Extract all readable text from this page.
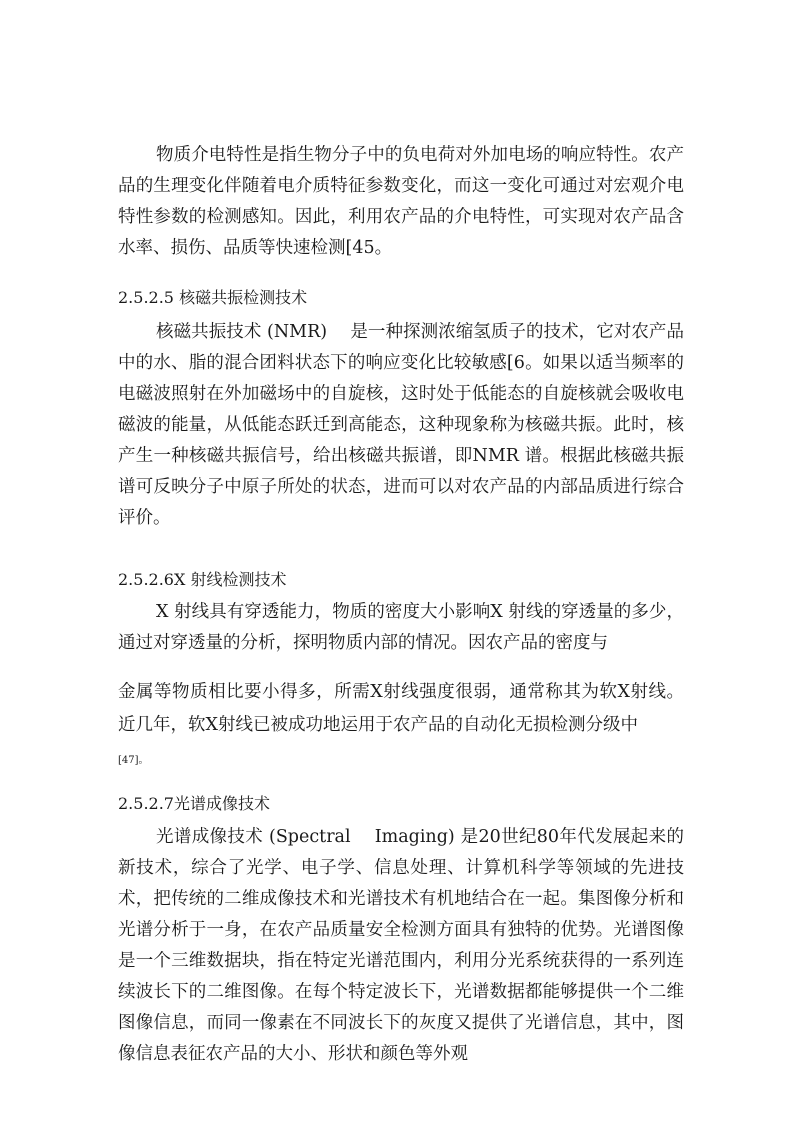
物质介电特性是指生物分子中的负电荷对外加电场的响应特性。农产品的生理变化伴随着电介质特征参数变化，而这一变化可通过对宏观介电特性参数的检测感知。因此，利用农产品的介电特性，可实现对农产品含水率、损伤、品质等快速检测[45。

2.5.2.5 核磁共振检测技术

核磁共振技术 (NMR)　 是一种探测浓缩氢质子的技术，它对农产品中的水、脂的混合团料状态下的响应变化比较敏感[6。如果以适当频率的电磁波照射在外加磁场中的自旋核，这时处于低能态的自旋核就会吸收电磁波的能量，从低能态跃迁到高能态，这种现象称为核磁共振。此时，核产生一种核磁共振信号，给出核磁共振谱，即NMR 谱。根据此核磁共振谱可反映分子中原子所处的状态，进而可以对农产品的内部品质进行综合评价。

2.5.2.6X 射线检测技术

X 射线具有穿透能力，物质的密度大小影响X 射线的穿透量的多少，通过对穿透量的分析，探明物质内部的情况。因农产品的密度与

金属等物质相比要小得多，所需X射线强度很弱，通常称其为软X射线。近几年，软X射线已被成功地运用于农产品的自动化无损检测分级中
[47]。

2.5.2.7光谱成像技术

光谱成像技术 (Spectral　 Imaging) 是20世纪80年代发展起来的新技术，综合了光学、电子学、信息处理、计算机科学等领域的先进技术，把传统的二维成像技术和光谱技术有机地结合在一起。集图像分析和光谱分析于一身，在农产品质量安全检测方面具有独特的优势。光谱图像是一个三维数据块，指在特定光谱范围内，利用分光系统获得的一系列连续波长下的二维图像。在每个特定波长下，光谱数据都能够提供一个二维图像信息，而同一像素在不同波长下的灰度又提供了光谱信息，其中，图像信息表征农产品的大小、形状和颜色等外观
